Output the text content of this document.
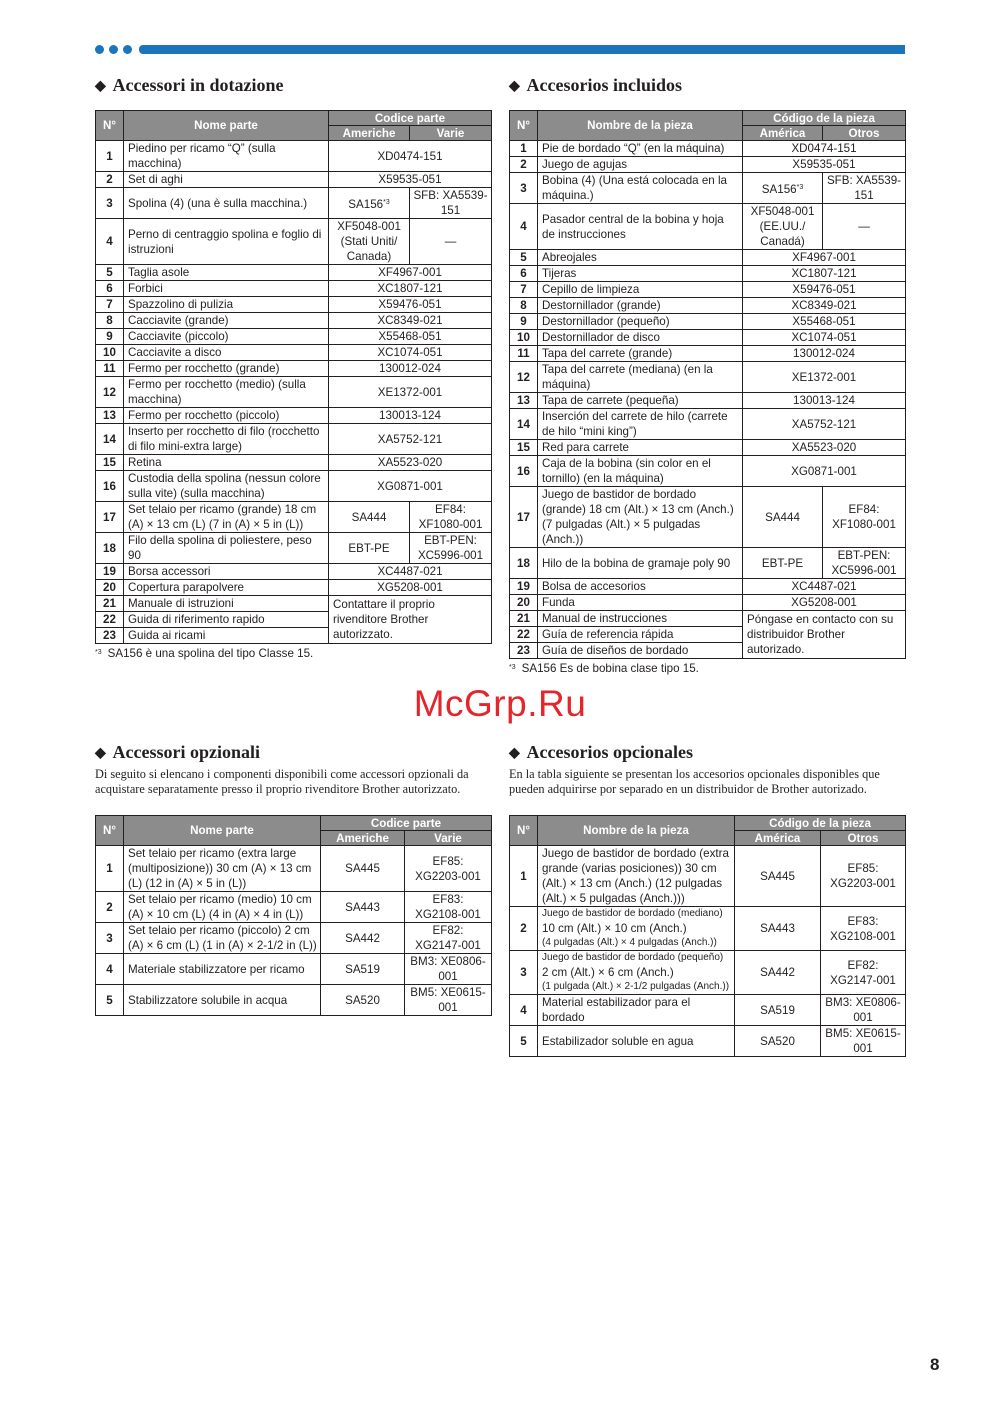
◆ Accessori in dotazione
N°	Nome parte	Codice parte	
		Americhe	Varie
1	Piedino per ricamo “Q” (sulla macchina)	XD0474-151	
2	Set di aghi	X59535-051	
3	Spolina (4) (una è sulla macchina.)	SA156$^{*3}$	SFB: XA5539-151
4	Perno di centraggio spolina e foglio di istruzioni	XF5048-001 (Stati Uniti/ Canada)	—
5	Taglia asole	XF4967-001	
6	Forbici	XC1807-121	
7	Spazzolino di pulizia	X59476-051	
8	Cacciavite (grande)	XC8349-021	
9	Cacciavite (piccolo)	X55468-051	
10	Cacciavite a disco	XC1074-051	
11	Fermo per rocchetto (grande)	130012-024	
12	Fermo per rocchetto (medio) (sulla macchina)	XE1372-001	
13	Fermo per rocchetto (piccolo)	130013-124	
14	Inserto per rocchetto di filo (rocchetto di filo mini-extra large)	XA5752-121	
15	Retina	XA5523-020	
16	Custodia della spolina (nessun colore sulla vite) (sulla macchina)	XG0871-001	
17	Set telaio per ricamo (grande) 18 cm (A) × 13 cm (L) (7 in (A) × 5 in (L))	SA444	EF84: XF1080-001
18	Filo della spolina di poliestere, peso 90	EBT-PE	EBT-PEN: XC5996-001
19	Borsa accessori	XC4487-021	
20	Copertura parapolvere	XG5208-001	
21	Manuale di istruzioni	Contattare il proprio rivenditore Brother autorizzato.	
22	Guida di riferimento rapido		
23	Guida ai ricami		
$^{*3}$ SA156 è una spolina del tipo Classe 15.
◆ Accesorios incluidos
N°	Nombre de la pieza	Código de la pieza	
		América	Otros
1	Pie de bordado “Q” (en la máquina)	XD0474-151	
2	Juego de agujas	X59535-051	
3	Bobina (4) (Una está colocada en la máquina.)	SA156$^{*3}$	SFB: XA5539-151
4	Pasador central de la bobina y hoja de instrucciones	XF5048-001 (EE.UU./ Canadá)	—
5	Abreojales	XF4967-001	
6	Tijeras	XC1807-121	
7	Cepillo de limpieza	X59476-051	
8	Destornillador (grande)	XC8349-021	
9	Destornillador (pequeño)	X55468-051	
10	Destornillador de disco	XC1074-051	
11	Tapa del carrete (grande)	130012-024	
12	Tapa del carrete (mediana) (en la máquina)	XE1372-001	
13	Tapa de carrete (pequeña)	130013-124	
14	Inserción del carrete de hilo (carrete de hilo “mini king”)	XA5752-121	
15	Red para carrete	XA5523-020	
16	Caja de la bobina (sin color en el tornillo) (en la máquina)	XG0871-001	
17	Juego de bastidor de bordado (grande) 18 cm (Alt.) × 13 cm (Anch.) (7 pulgadas (Alt.) × 5 pulgadas (Anch.))	SA444	EF84: XF1080-001
18	Hilo de la bobina de gramaje poly 90	EBT-PE	EBT-PEN: XC5996-001
19	Bolsa de accesorios	XC4487-021	
20	Funda	XG5208-001	
21	Manual de instrucciones	Póngase en contacto con su distribuidor Brother autorizado.	
22	Guía de referencia rápida		
23	Guía de diseños de bordado		
$^{*3}$ SA156 Es de bobina clase tipo 15.
McGrp.Ru
◆ Accessori opzionali
Di seguito si elencano i componenti disponibili come accessori opzionali da acquistare separatamente presso il proprio rivenditore Brother autorizzato.
N°	Nome parte	Codice parte	
		Americhe	Varie
1	Set telaio per ricamo (extra large (multiposizione)) 30 cm (A) × 13 cm (L) (12 in (A) × 5 in (L))	SA445	EF85: XG2203-001
2	Set telaio per ricamo (medio) 10 cm (A) × 10 cm (L) (4 in (A) × 4 in (L))	SA443	EF83: XG2108-001
3	Set telaio per ricamo (piccolo) 2 cm (A) × 6 cm (L) (1 in (A) × 2-1/2 in (L))	SA442	EF82: XG2147-001
4	Materiale stabilizzatore per ricamo	SA519	BM3: XE0806-001
5	Stabilizzatore solubile in acqua	SA520	BM5: XE0615-001
◆ Accesorios opcionales
En la tabla siguiente se presentan los accesorios opcionales disponibles que pueden adquirirse por separado en un distribuidor de Brother autorizado.
N°	Nombre de la pieza	Código de la pieza	
		América	Otros
1	Juego de bastidor de bordado (extra grande (varias posiciones)) 30 cm (Alt.) × 13 cm (Anch.) (12 pulgadas (Alt.) × 5 pulgadas (Anch.)))	SA445	EF85: XG2203-001
2	Juego de bastidor de bordado (mediano)
10 cm (Alt.) × 10 cm (Anch.)
(4 pulgadas (Alt.) × 4 pulgadas (Anch.))	SA443	EF83: XG2108-001
3	Juego de bastidor de bordado (pequeño)
2 cm (Alt.) × 6 cm (Anch.)
(1 pulgada (Alt.) × 2-1/2 pulgadas (Anch.))	SA442	EF82: XG2147-001
4	Material estabilizador para el bordado	SA519	BM3: XE0806-001
5	Estabilizador soluble en agua	SA520	BM5: XE0615-001
8
